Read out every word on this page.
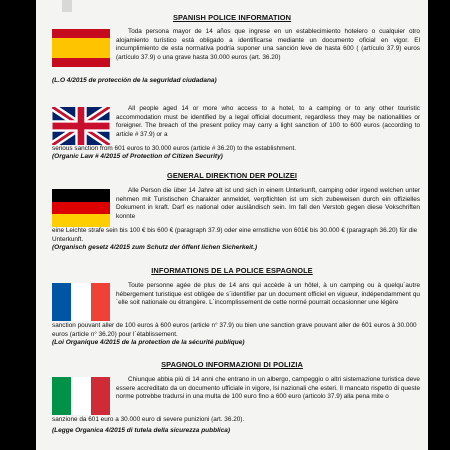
SPANISH POLICE INFORMATION
Toda persona mayor de 14 años que ingrese en un establecimiento hotelero o cualquier otro alojamiento turístico está obligado a identificarse mediante un documento oficial en vigor. El incumplimiento de esta normativa podría suponer una sanción leve de hasta 600 ( (artículo 37.9) euros (artículo 37.9) o una grave hasta 30.000 euros (art. 36.20)
(L.O 4/2015 de protección de la seguridad ciudadana)
All people aged 14 or more who access to a hotel, to a camping or to any other touristic accommodation must be identified by a legal official document, regardless they may be nationalities or foreigner. The breach of the present policy may carry a light sanction of 100 to 600 euros (according to article # 37.9) or a
serious sanction from 601 euros to 30.000 euros (article # 36.20) to the establishment.
(Organic Law # 4/2015 of Protection of Citizen Security)
GENERAL DIREKTION DER POLIZEI
Alle Person die über 14 Jahre alt ist und sich in einem Unterkunft, camping oder irgend welchen unter nehmen mit Turistischen Charakter anmeldet, verpflichten ist um sich zubeweisen durch ein offizielles Dokument in kraft. Darf es national oder ausländisch sein. Im fall den Verstob gegen diese Vokschriften konnte
eine Leichte strafe sein bis 100 € bis 600 € (paragraph 37.9) oder eine ernstliche von 601€ bis 30.000 € (paragraph 36.20) für die Unterkunft.
(Organisch gesetz 4/2015 zum Schutz der öffent lichen Sicherkeit.)
INFORMATIONS DE LA POLICE ESPAGNOLE
Toute personne agée de plus de 14 ans qui accède à un hôtel, à un camping ou à quelqu´autre hébergement turistique est obligée de s´identifier par un document officiel en vigueur, indépendamment qu´elle soit nationale ou étrangère. L´incomplissement de cette normé pourrait occasionner une légère
sanction pouvant aller de 100 euros à 600 euros (article n° 37.9) ou bien une sanction grave pouvant aller de 601 euros à 30.000 euros (article n° 36.20) pour l´établissement.
(Loi Organique 4/2015 de la protection de la sécurité publique)
SPAGNOLO INFORMAZIONI DI POLIZIA
Chiunque abbia più di 14 anni che entrano in un albergo, campeggio o altri sistemazione turistica deve essere accreditato da un documento ufficiale in vigore, lsi nazionali che esteri. Il mancato rispetto di queste norme potrebbe tradursi in una multa de 100 euro fino a 600 euro (articolo 37.9) alla pena mite o
sanzione da 601 euro a 30.000 euro di severe punizioni (art. 36.20).
(Legge Organica 4/2015 di tutela della sicurezza pubblica)
